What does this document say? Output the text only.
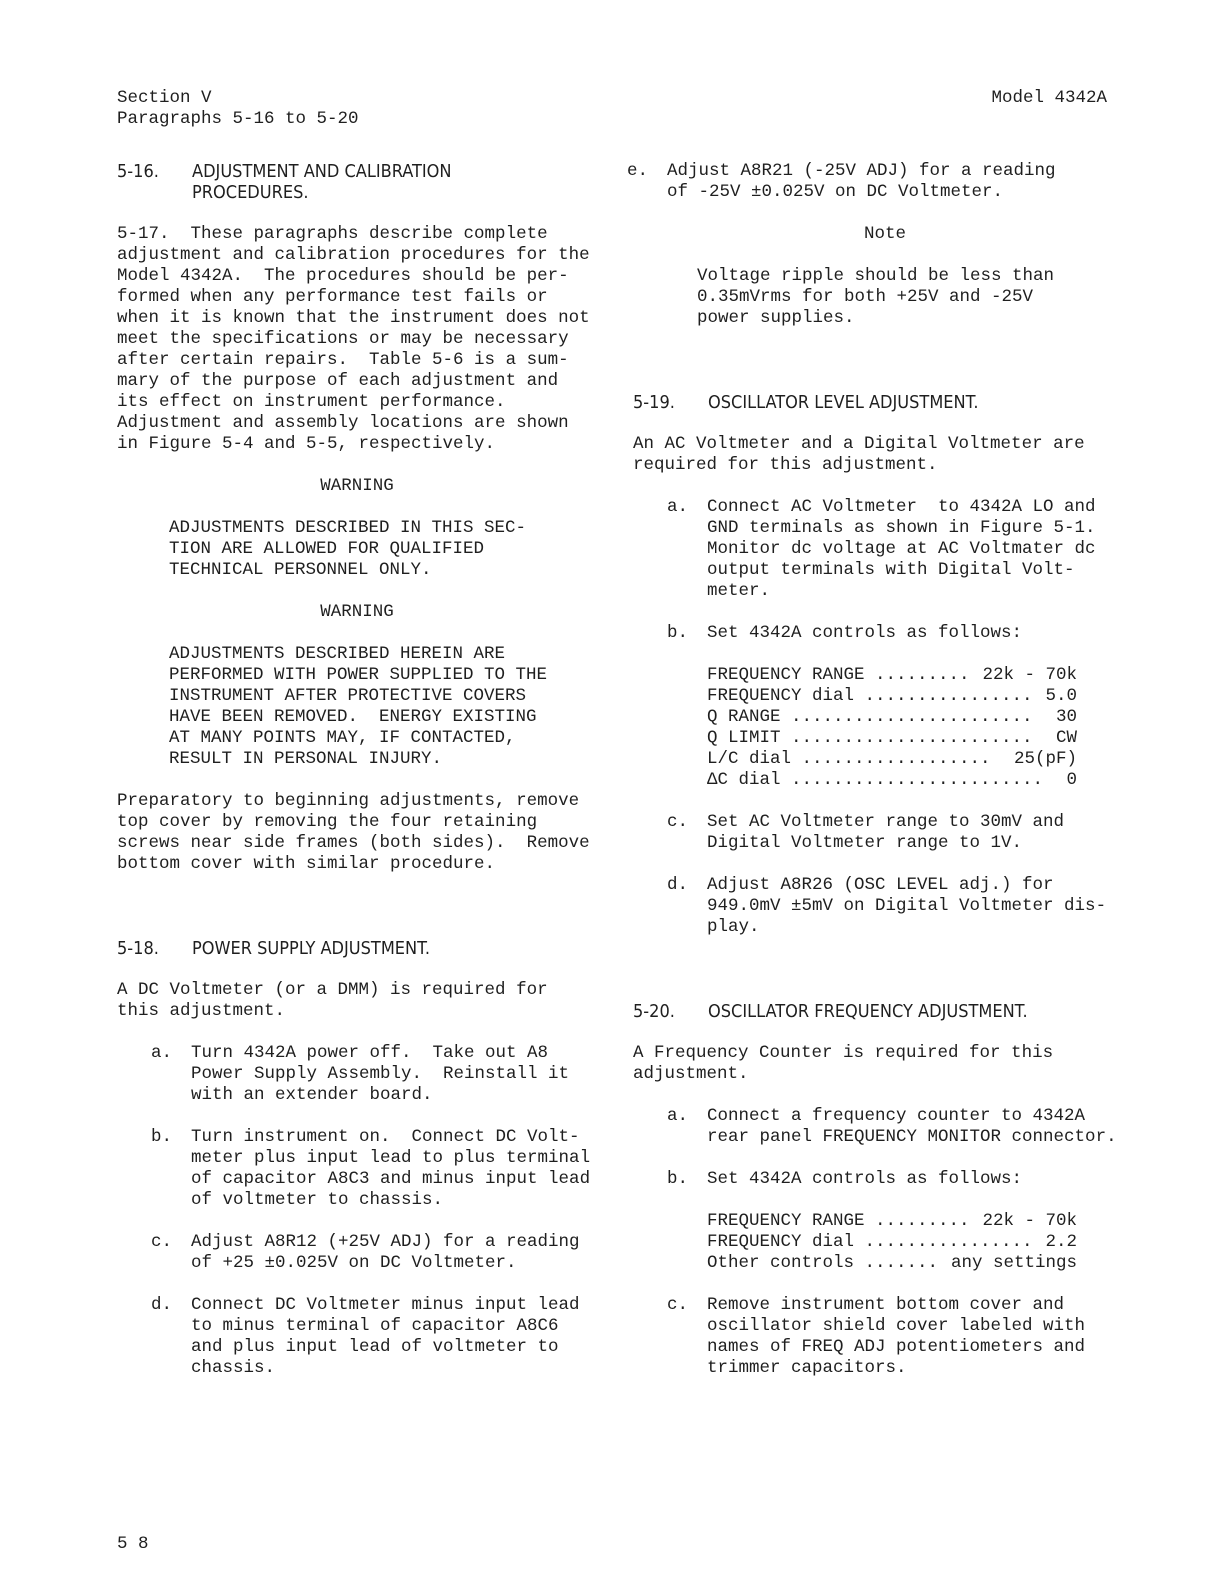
Section V
Paragraphs 5-16 to 5-20
Model 4342A
5-16.	ADJUSTMENT AND CALIBRATION
PROCEDURES.

5-17.  These paragraphs describe complete
adjustment and calibration procedures for the
Model 4342A.  The procedures should be per-
formed when any performance test fails or
when it is known that the instrument does not
meet the specifications or may be necessary
after certain repairs.  Table 5-6 is a sum-
mary of the purpose of each adjustment and
its effect on instrument performance.
Adjustment and assembly locations are shown
in Figure 5-4 and 5-5, respectively.

WARNING
ADJUSTMENTS DESCRIBED IN THIS SEC-
TION ARE ALLOWED FOR QUALIFIED
TECHNICAL PERSONNEL ONLY.
WARNING
ADJUSTMENTS DESCRIBED HEREIN ARE
PERFORMED WITH POWER SUPPLIED TO THE
INSTRUMENT AFTER PROTECTIVE COVERS
HAVE BEEN REMOVED.  ENERGY EXISTING
AT MANY POINTS MAY, IF CONTACTED,
RESULT IN PERSONAL INJURY.

Preparatory to beginning adjustments, remove
top cover by removing the four retaining
screws near side frames (both sides).  Remove
bottom cover with similar procedure.

5-18.	POWER SUPPLY ADJUSTMENT.

A DC Voltmeter (or a DMM) is required for
this adjustment.

a.	Turn 4342A power off.  Take out A8
Power Supply Assembly.  Reinstall it
with an extender board.
b.	Turn instrument on.  Connect DC Volt-
meter plus input lead to plus terminal
of capacitor A8C3 and minus input lead
of voltmeter to chassis.
c.	Adjust A8R12 (+25V ADJ) for a reading
of +25 ±0.025V on DC Voltmeter.
d.	Connect DC Voltmeter minus input lead
to minus terminal of capacitor A8C6
and plus input lead of voltmeter to
chassis.
e.	Adjust A8R21 (-25V ADJ) for a reading
of -25V ±0.025V on DC Voltmeter.
Note
Voltage ripple should be less than
0.35mVrms for both +25V and -25V
power supplies.
5-19.	OSCILLATOR LEVEL ADJUSTMENT.

An AC Voltmeter and a Digital Voltmeter are
required for this adjustment.

a.	Connect AC Voltmeter  to 4342A LO and
GND terminals as shown in Figure 5-1.
Monitor dc voltage at AC Voltmater dc
output terminals with Digital Volt-
meter.
b.	Set 4342A controls as follows:
FREQUENCY RANGE ......... 22k - 70k
FREQUENCY dial ................ 5.0
Q RANGE ....................... 30
Q LIMIT ....................... CW
L/C dial .................. 25(pF)
ΔC dial ........................ 0
c.	Set AC Voltmeter range to 30mV and
Digital Voltmeter range to 1V.
d.	Adjust A8R26 (OSC LEVEL adj.) for
949.0mV ±5mV on Digital Voltmeter dis-
play.
5-20.	OSCILLATOR FREQUENCY ADJUSTMENT.

A Frequency Counter is required for this
adjustment.

a.	Connect a frequency counter to 4342A
rear panel FREQUENCY MONITOR connector.
b.	Set 4342A controls as follows:
FREQUENCY RANGE ......... 22k - 70k
FREQUENCY dial ................ 2.2
Other controls ....... any settings
c.	Remove instrument bottom cover and
oscillator shield cover labeled with
names of FREQ ADJ potentiometers and
trimmer capacitors.
5 8
